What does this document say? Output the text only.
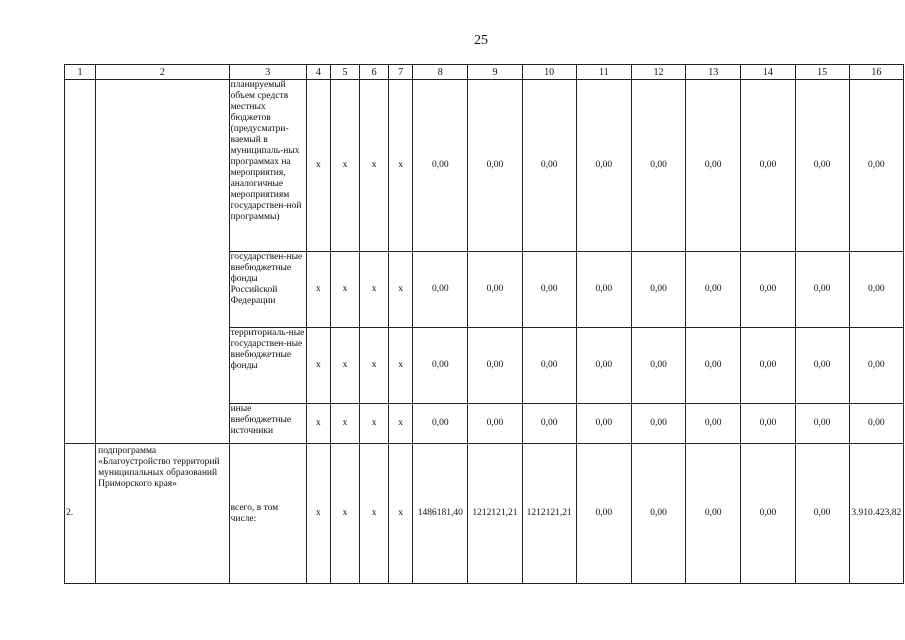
25
1	2	3	4	5	6	7	8	9	10	11	12	13	14	15	16
		планируемый объем средств местных бюджетов (предусматри-ваемый в муниципаль-ных программах на мероприятия, аналогичные мероприятиям государствен-ной программы)	x	x	x	x	0,00	0,00	0,00	0,00	0,00	0,00	0,00	0,00	0,00
		государствен-ные внебюджетные фонды Российской Федерации	x	x	x	x	0,00	0,00	0,00	0,00	0,00	0,00	0,00	0,00	0,00
		территориаль-ные государствен-ные внебюджетные фонды	x	x	x	x	0,00	0,00	0,00	0,00	0,00	0,00	0,00	0,00	0,00
		иные внебюджетные источники	x	x	x	x	0,00	0,00	0,00	0,00	0,00	0,00	0,00	0,00	0,00
2.	подпрограмма «Благоустройство территорий муниципальных образований Приморского края»	всего, в том числе:	x	x	x	x	1486181,40	1212121,21	1212121,21	0,00	0,00	0,00	0,00	0,00	3.910.423,82
